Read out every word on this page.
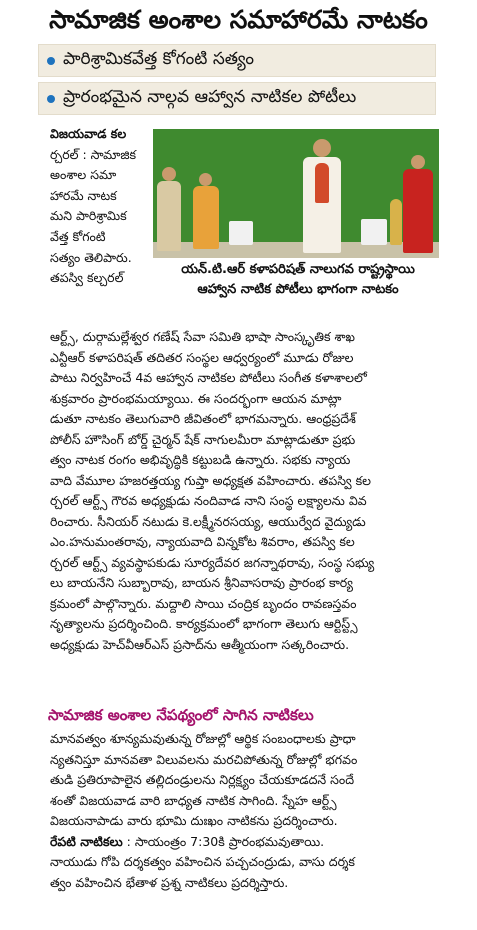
సామాజిక అంశాల సమాహారమే నాటకం
పారిశ్రామికవేత్త కోగంటి సత్యం
ప్రారంభమైన నాల్గవ ఆహ్వాన నాటికల పోటీలు
విజయవాడ కల
ర్చరల్ : సామాజిక
అంశాల సమా
హారమే నాటక
మని పారిశ్రామిక
వేత్త కోగంటి
సత్యం తెలిపారు.
తపస్వి కల్చరల్
యన్.టి.ఆర్ కళాపరిషత్ నాలుగవ రాష్ట్రస్థాయి
ఆహ్వాన నాటిక పోటీలు భాగంగా నాటకం
ఆర్ట్స్, దుర్గామల్లేశ్వర గణేష్ సేవా సమితి భాషా సాంస్కృతిక శాఖ
ఎన్టీఆర్ కళాపరిషత్ తదితర సంస్థల ఆధ్వర్యంలో మూడు రోజుల
పాటు నిర్వహించే 4వ ఆహ్వాన నాటికల పోటీలు సంగీత కళాశాలలో
శుక్రవారం ప్రారంభమయ్యాయి. ఈ సందర్భంగా ఆయన మాట్లా
డుతూ నాటకం తెలుగువారి జీవితంలో భాగమన్నారు. ఆంధ్రప్రదేశ్
పోలీస్ హౌసింగ్ బోర్డ్ చైర్మన్ షేక్ నాగులమీరా మాట్లాడుతూ ప్రభు
త్వం నాటక రంగం అభివృద్ధికి కట్టుబడి ఉన్నారు. సభకు న్యాయ
వాది వేమూల హజరత్తయ్య గుప్తా అధ్యక్షత వహించారు. తపస్వి కల
ర్చరల్ ఆర్ట్స్ గౌరవ అధ్యక్షుడు నందివాడ నాని సంస్థ లక్ష్యాలను వివ
రించారు. సీనియర్ నటుడు కె.లక్ష్మీనరసయ్య, ఆయుర్వేద వైద్యుడు
ఎం.హనుమంతరావు, న్యాయవాది విన్నకోట శివరాం, తపస్వి కల
ర్చరల్ ఆర్ట్స్ వ్యవస్థాపకుడు సూర్యదేవర జగన్నాథరావు, సంస్థ సభ్యు
లు బాయనేని సుబ్బారావు, బాయన శ్రీనివాసరావు ప్రారంభ కార్య
క్రమంలో పాల్గొన్నారు. మద్దాలి సాయి చంద్రిక బృందం రావణస్తవం
నృత్యాలను ప్రదర్శించింది. కార్యక్రమంలో భాగంగా తెలుగు ఆర్టిస్ట్స్
అధ్యక్షుడు హెచ్‌వీఆర్‌ఎస్ ప్రసాద్‌ను ఆత్మీయంగా సత్కరించారు.
సామాజిక అంశాల నేపథ్యంలో సాగిన నాటికలు
మానవత్వం శూన్యమవుతున్న రోజుల్లో ఆర్థిక సంబంధాలకు ప్రాధా
న్యతనిస్తూ మానవతా విలువలను మరచిపోతున్న రోజుల్లో భగవం
తుడి ప్రతిరూపాలైన తల్లిదండ్రులను నిర్లక్ష్యం చేయకూడదనే సందే
శంతో విజయవాడ వారి బాధ్యత నాటిక సాగింది. స్నేహ ఆర్ట్స్
విజయనాపాడు వారు భూమి దుఃఖం నాటికను ప్రదర్శించారు.
రేపటి నాటికలు : సాయంత్రం 7:30కి ప్రారంభమవుతాయి.
నాయుడు గోపి దర్శకత్వం వహించిన పచ్చచంద్రుడు, వాసు దర్శక
త్వం వహించిన భేతాళ ప్రశ్న నాటికలు ప్రదర్శిస్తారు.
